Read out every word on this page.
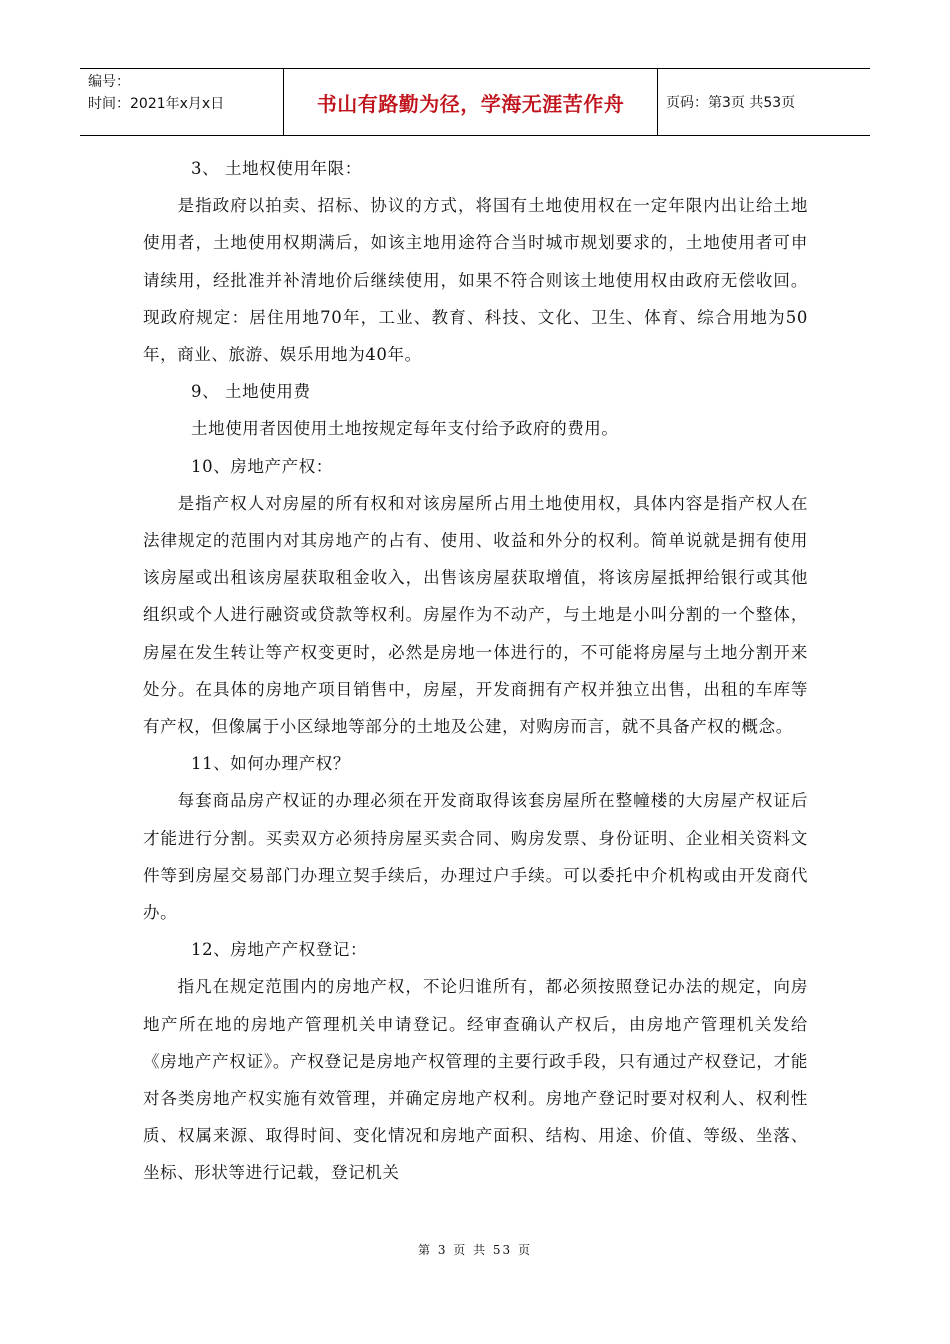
编号：
时间：2021年x月x日	书山有路勤为径，学海无涯苦作舟	页码：第3页 共53页

3、 土地权使用年限：

是指政府以拍卖、招标、协议的方式，将国有土地使用权在一定年限内出让给土地使用者，土地使用权期满后，如该主地用途符合当时城市规划要求的，土地使用者可申请续用，经批准并补清地价后继续使用，如果不符合则该土地使用权由政府无偿收回。现政府规定：居住用地70年，工业、教育、科技、文化、卫生、体育、综合用地为50年，商业、旅游、娱乐用地为40年。

9、 土地使用费

土地使用者因使用土地按规定每年支付给予政府的费用。

10、房地产产权：

是指产权人对房屋的所有权和对该房屋所占用土地使用权，具体内容是指产权人在法律规定的范围内对其房地产的占有、使用、收益和外分的权利。简单说就是拥有使用该房屋或出租该房屋获取租金收入，出售该房屋获取增值，将该房屋抵押给银行或其他组织或个人进行融资或贷款等权利。房屋作为不动产，与土地是小叫分割的一个整体，房屋在发生转让等产权变更时，必然是房地一体进行的，不可能将房屋与土地分割开来处分。在具体的房地产项目销售中，房屋，开发商拥有产权并独立出售，出租的车库等有产权，但像属于小区绿地等部分的土地及公建，对购房而言，就不具备产权的概念。

11、如何办理产权？

每套商品房产权证的办理必须在开发商取得该套房屋所在整幢楼的大房屋产权证后才能进行分割。买卖双方必须持房屋买卖合同、购房发票、身份证明、企业相关资料文件等到房屋交易部门办理立契手续后，办理过户手续。可以委托中介机构或由开发商代办。

12、房地产产权登记：

指凡在规定范围内的房地产权，不论归谁所有，都必须按照登记办法的规定，向房地产所在地的房地产管理机关申请登记。经审查确认产权后，由房地产管理机关发给《房地产产权证》。产权登记是房地产权管理的主要行政手段，只有通过产权登记，才能对各类房地产权实施有效管理，并确定房地产权利。房地产登记时要对权利人、权利性质、权属来源、取得时间、变化情况和房地产面积、结构、用途、价值、等级、坐落、坐标、形状等进行记载，登记机关

第 3 页 共 53 页
